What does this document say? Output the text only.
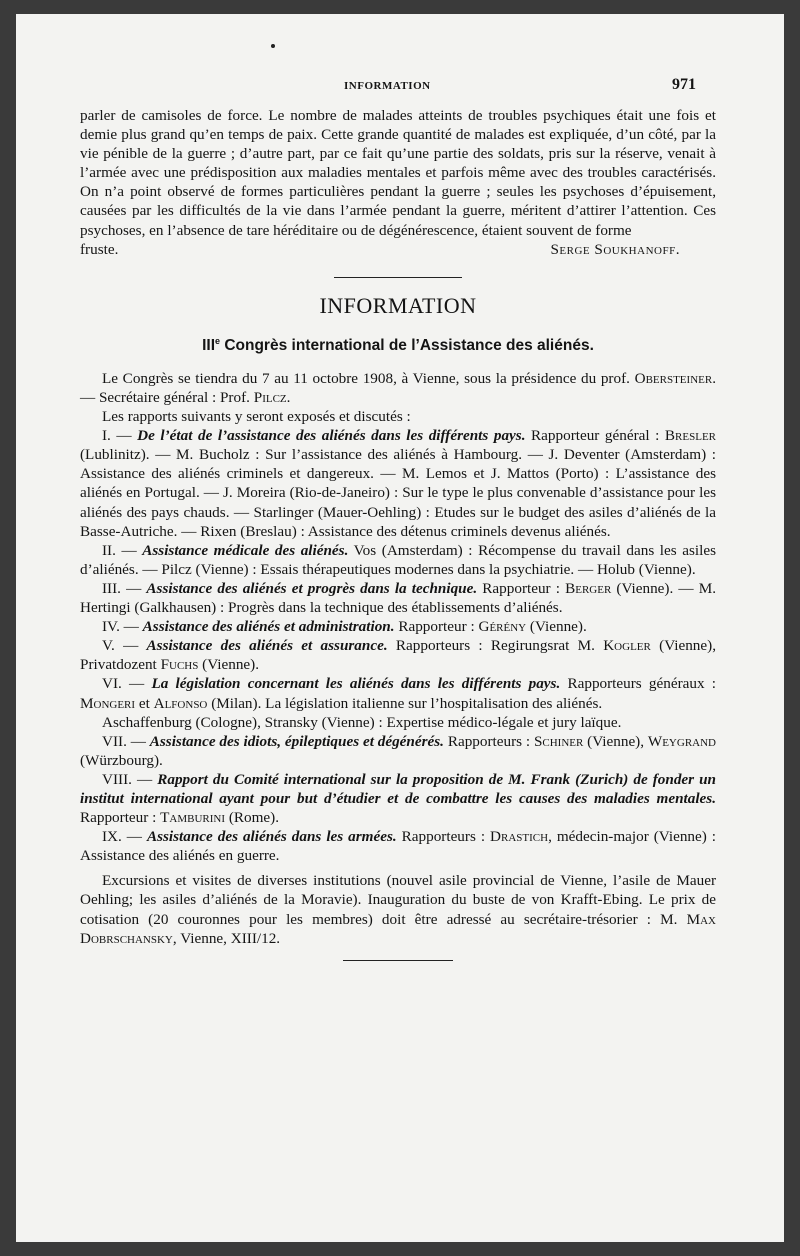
INFORMATION	971

parler de camisoles de force. Le nombre de malades atteints de troubles psychiques était une fois et demie plus grand qu’en temps de paix. Cette grande quantité de malades est expliquée, d’un côté, par la vie pénible de la guerre ; d’autre part, par ce fait qu’une partie des soldats, pris sur la réserve, venait à l’armée avec une prédisposition aux maladies mentales et parfois même avec des troubles caractérisés. On n’a point observé de formes particulières pendant la guerre ; seules les psychoses d’épuisement, causées par les difficultés de la vie dans l’armée pendant la guerre, méritent d’attirer l’attention. Ces psychoses, en l’absence de tare héréditaire ou de dégénérescence, étaient souvent de forme

fruste.	Serge Soukhanoff.

INFORMATION
IIIe Congrès international de l’Assistance des aliénés.

Le Congrès se tiendra du 7 au 11 octobre 1908, à Vienne, sous la présidence du prof. Obersteiner. — Secrétaire général : Prof. Pilcz.

Les rapports suivants y seront exposés et discutés :

I. — De l’état de l’assistance des aliénés dans les différents pays. Rapporteur général : Bresler (Lublinitz). — M. Bucholz : Sur l’assistance des aliénés à Hambourg. — J. Deventer (Amsterdam) : Assistance des aliénés criminels et dangereux. — M. Lemos et J. Mattos (Porto) : L’assistance des aliénés en Portugal. — J. Moreira (Rio-de-Janeiro) : Sur le type le plus convenable d’assistance pour les aliénés des pays chauds. — Starlinger (Mauer-Oehling) : Etudes sur le budget des asiles d’aliénés de la Basse-Autriche. — Rixen (Breslau) : Assistance des détenus criminels devenus aliénés.

II. — Assistance médicale des aliénés. Vos (Amsterdam) : Récompense du travail dans les asiles d’aliénés. — Pilcz (Vienne) : Essais thérapeutiques modernes dans la psychiatrie. — Holub (Vienne).

III. — Assistance des aliénés et progrès dans la technique. Rapporteur : Berger (Vienne). — M. Hertingi (Galkhausen) : Progrès dans la technique des établissements d’aliénés.

IV. — Assistance des aliénés et administration. Rapporteur : Gérény (Vienne).

V. — Assistance des aliénés et assurance. Rapporteurs : Regirungsrat M. Kogler (Vienne), Privatdozent Fuchs (Vienne).

VI. — La législation concernant les aliénés dans les différents pays. Rapporteurs généraux : Mongeri et Alfonso (Milan). La législation italienne sur l’hospitalisation des aliénés.

Aschaffenburg (Cologne), Stransky (Vienne) : Expertise médico-légale et jury laïque.

VII. — Assistance des idiots, épileptiques et dégénérés. Rapporteurs : Schiner (Vienne), Weygrand (Würzbourg).

VIII. — Rapport du Comité international sur la proposition de M. Frank (Zurich) de fonder un institut international ayant pour but d’étudier et de combattre les causes des maladies mentales. Rapporteur : Tamburini (Rome).

IX. — Assistance des aliénés dans les armées. Rapporteurs : Drastich, médecin-major (Vienne) : Assistance des aliénés en guerre.

Excursions et visites de diverses institutions (nouvel asile provincial de Vienne, l’asile de Mauer Oehling; les asiles d’aliénés de la Moravie). Inauguration du buste de von Krafft-Ebing. Le prix de cotisation (20 couronnes pour les membres) doit être adressé au secrétaire-trésorier : M. Max Dobrschansky, Vienne, XIII/12.
